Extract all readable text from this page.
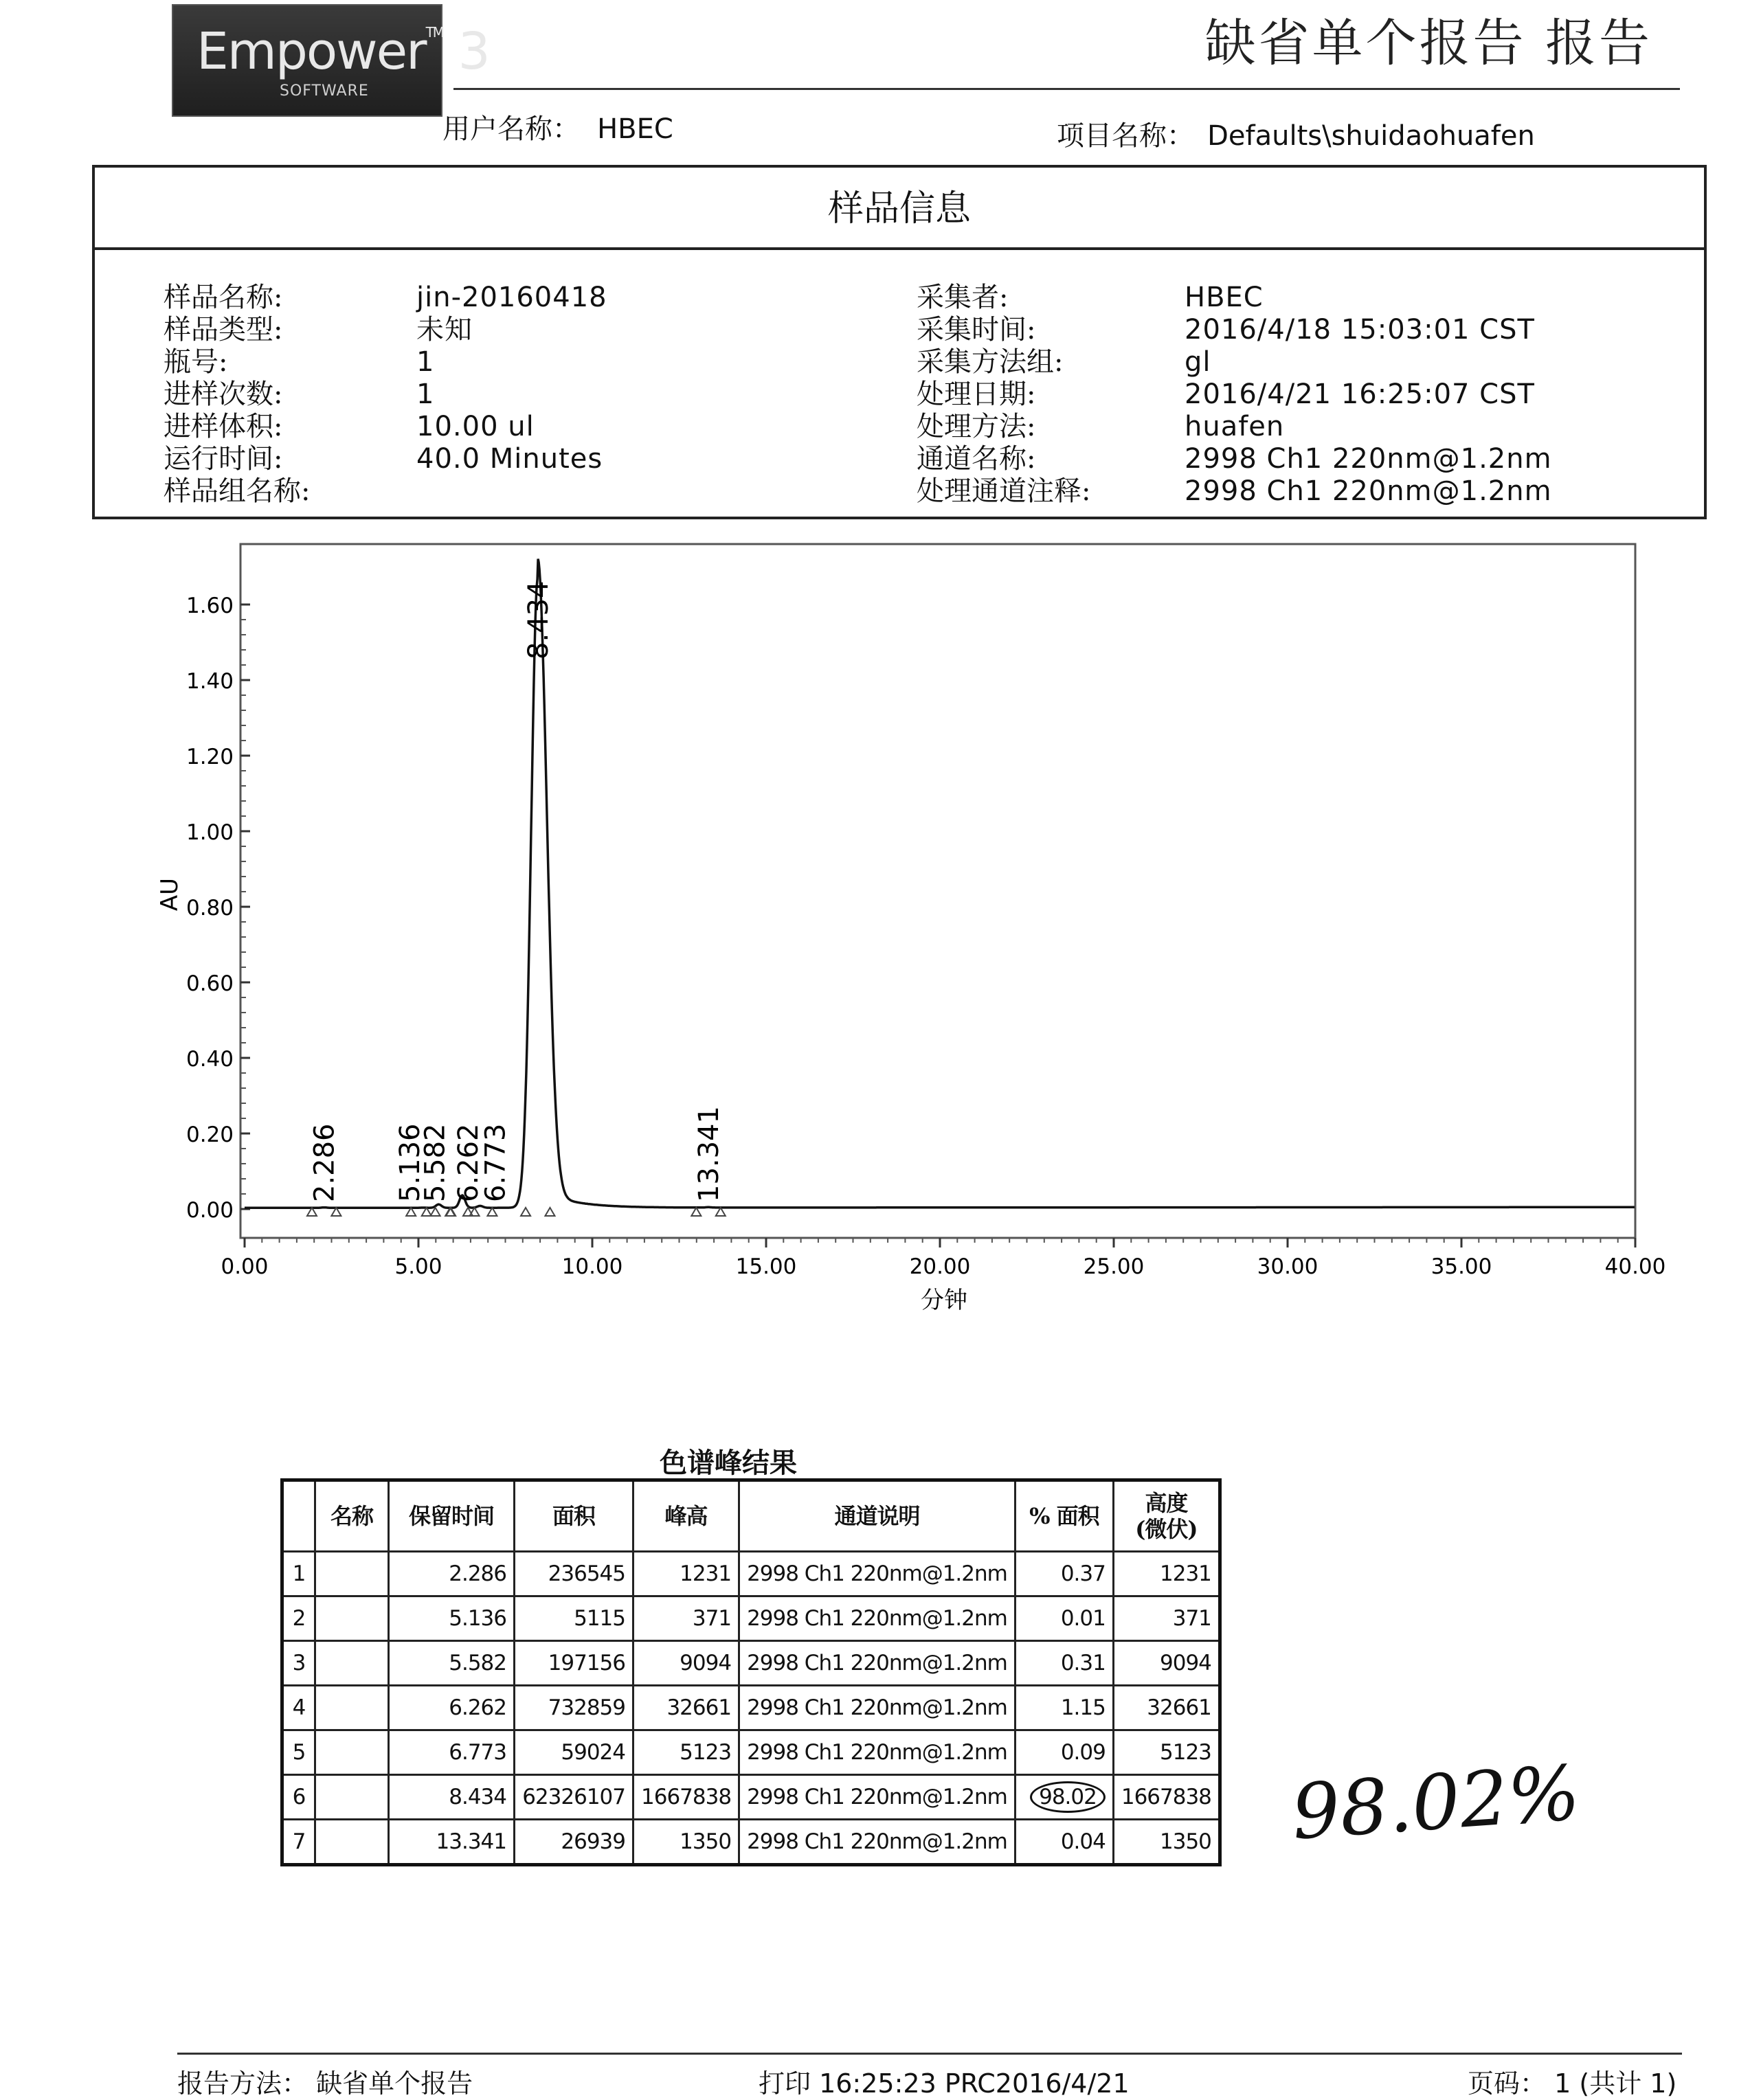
Empower™ 3
SOFTWARE
缺省单个报告 报告
用户名称： HBEC	项目名称： Defaults\shuidaohuafen
样品信息
样品名称:	jin-20160418
样品类型:	未知
瓶号:	1
进样次数:	1
进样体积:	10.00 ul
运行时间:	40.0 Minutes
样品组名称:
采集者:	HBEC
采集时间:	2016/4/18 15:03:01 CST
采集方法组:	gl
处理日期:	2016/4/21 16:25:07 CST
处理方法:	huafen
通道名称:	2998 Ch1 220nm@1.2nm
处理通道注释:	2998 Ch1 220nm@1.2nm
0.00
0.20
0.40
0.60
0.80
1.00
1.20
1.40
1.60
0.00	5.00	10.00	15.00	20.00	25.00	30.00	35.00	40.00
2.286 5.136
5.582 6.262
6.773
8.434
13.341
AU
分钟
色谱峰结果
	名称	保留时间	面积	峰高	通道说明	% 面积	高度
(微伏)
1		2.286	236545	1231	2998 Ch1 220nm@1.2nm	0.37	1231
2		5.136	5115	371	2998 Ch1 220nm@1.2nm	0.01	371
3		5.582	197156	9094	2998 Ch1 220nm@1.2nm	0.31	9094
4		6.262	732859	32661	2998 Ch1 220nm@1.2nm	1.15	32661
5		6.773	59024	5123	2998 Ch1 220nm@1.2nm	0.09	5123
6		8.434	62326107	1667838	2998 Ch1 220nm@1.2nm	98.02	1667838
7		13.341	26939	1350	2998 Ch1 220nm@1.2nm	0.04	1350 98.02%
报告方法： 缺省单个报告	打印 16:25:23 PRC2016/4/21	页码： 1 (共计 1)
